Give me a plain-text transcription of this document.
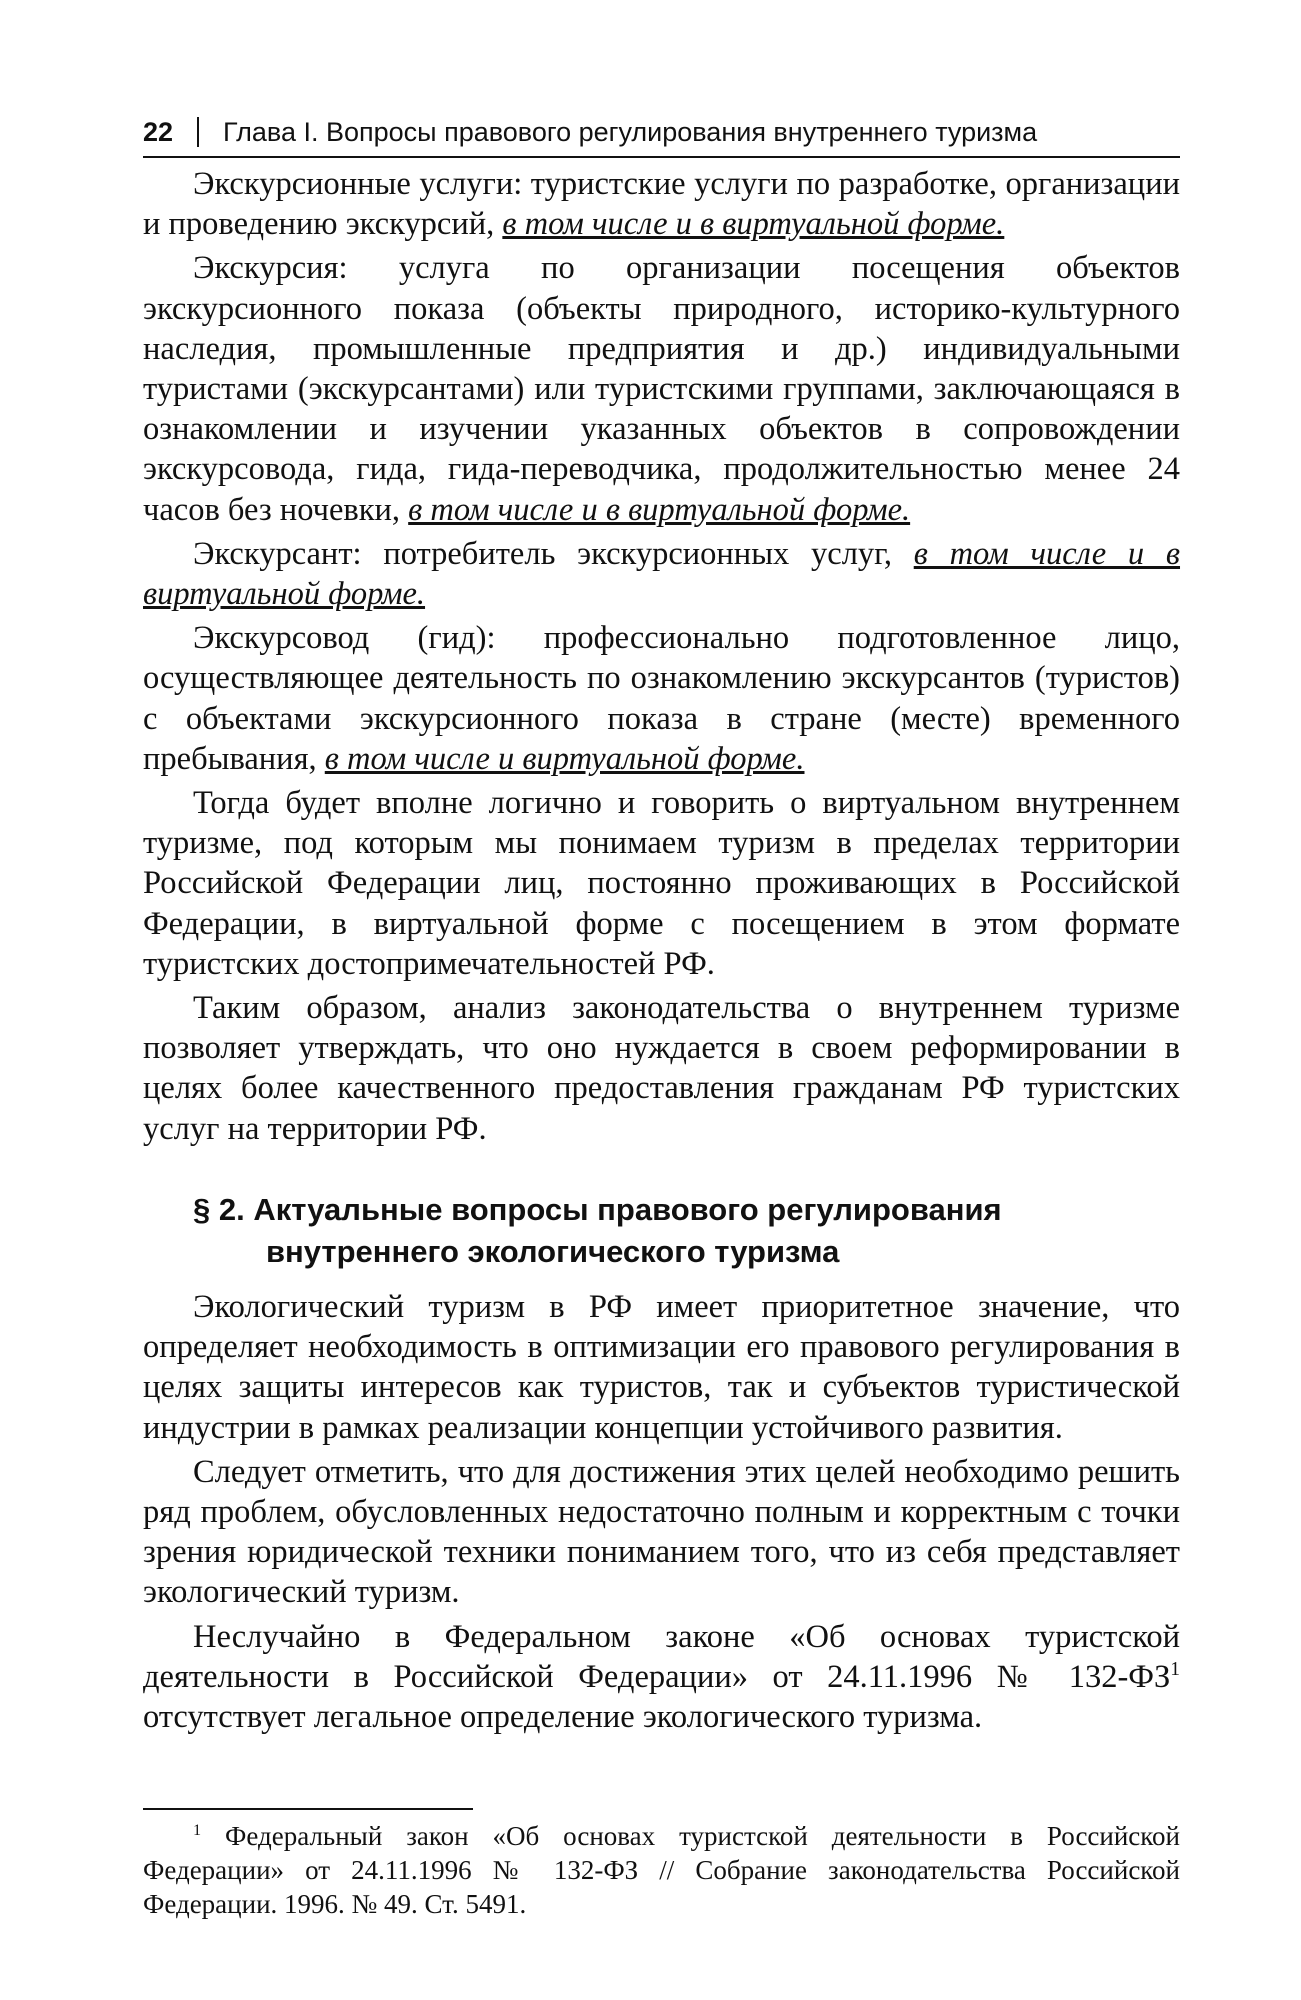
22 Глава I. Вопросы правового регулирования внутреннего туризма

Экскурсионные услуги: туристские услуги по разработке, организации и проведению экскурсий, в том числе и в виртуальной форме.

Экскурсия: услуга по организации посещения объектов экскурсионного показа (объекты природного, историко-культурного наследия, промышленные предприятия и др.) индивидуальными туристами (экскурсантами) или туристскими группами, заключающаяся в ознакомлении и изучении указанных объектов в сопровождении экскурсовода, гида, гида-переводчика, продолжительностью менее 24 часов без ночевки, в том числе и в виртуальной форме.

Экскурсант: потребитель экскурсионных услуг, в том числе и в виртуальной форме.

Экскурсовод (гид): профессионально подготовленное лицо, осуществляющее деятельность по ознакомлению экскурсантов (туристов) с объектами экскурсионного показа в стране (месте) временного пребывания, в том числе и виртуальной форме.

Тогда будет вполне логично и говорить о виртуальном внутреннем туризме, под которым мы понимаем туризм в пределах территории Российской Федерации лиц, постоянно проживающих в Российской Федерации, в виртуальной форме с посещением в этом формате туристских достопримечательностей РФ.

Таким образом, анализ законодательства о внутреннем туризме позволяет утверждать, что оно нуждается в своем реформировании в целях более качественного предоставления гражданам РФ туристских услуг на территории РФ.

§ 2. Актуальные вопросы правового регулирования
внутреннего экологического туризма

Экологический туризм в РФ имеет приоритетное значение, что определяет необходимость в оптимизации его правового регулирования в целях защиты интересов как туристов, так и субъектов туристической индустрии в рамках реализации концепции устойчивого развития.

Следует отметить, что для достижения этих целей необходимо решить ряд проблем, обусловленных недостаточно полным и корректным с точки зрения юридической техники пониманием того, что из себя представляет экологический туризм.

Неслучайно в Федеральном законе «Об основах туристской деятельности в Российской Федерации» от 24.11.1996 № $132-ФЗ^1$ отсутствует легальное определение экологического туризма.

$^1$ Федеральный закон «Об основах туристской деятельности в Российской Федерации» от 24.11.1996 № 132-ФЗ // Собрание законодательства Российской Федерации. 1996. № 49. Ст. 5491.
